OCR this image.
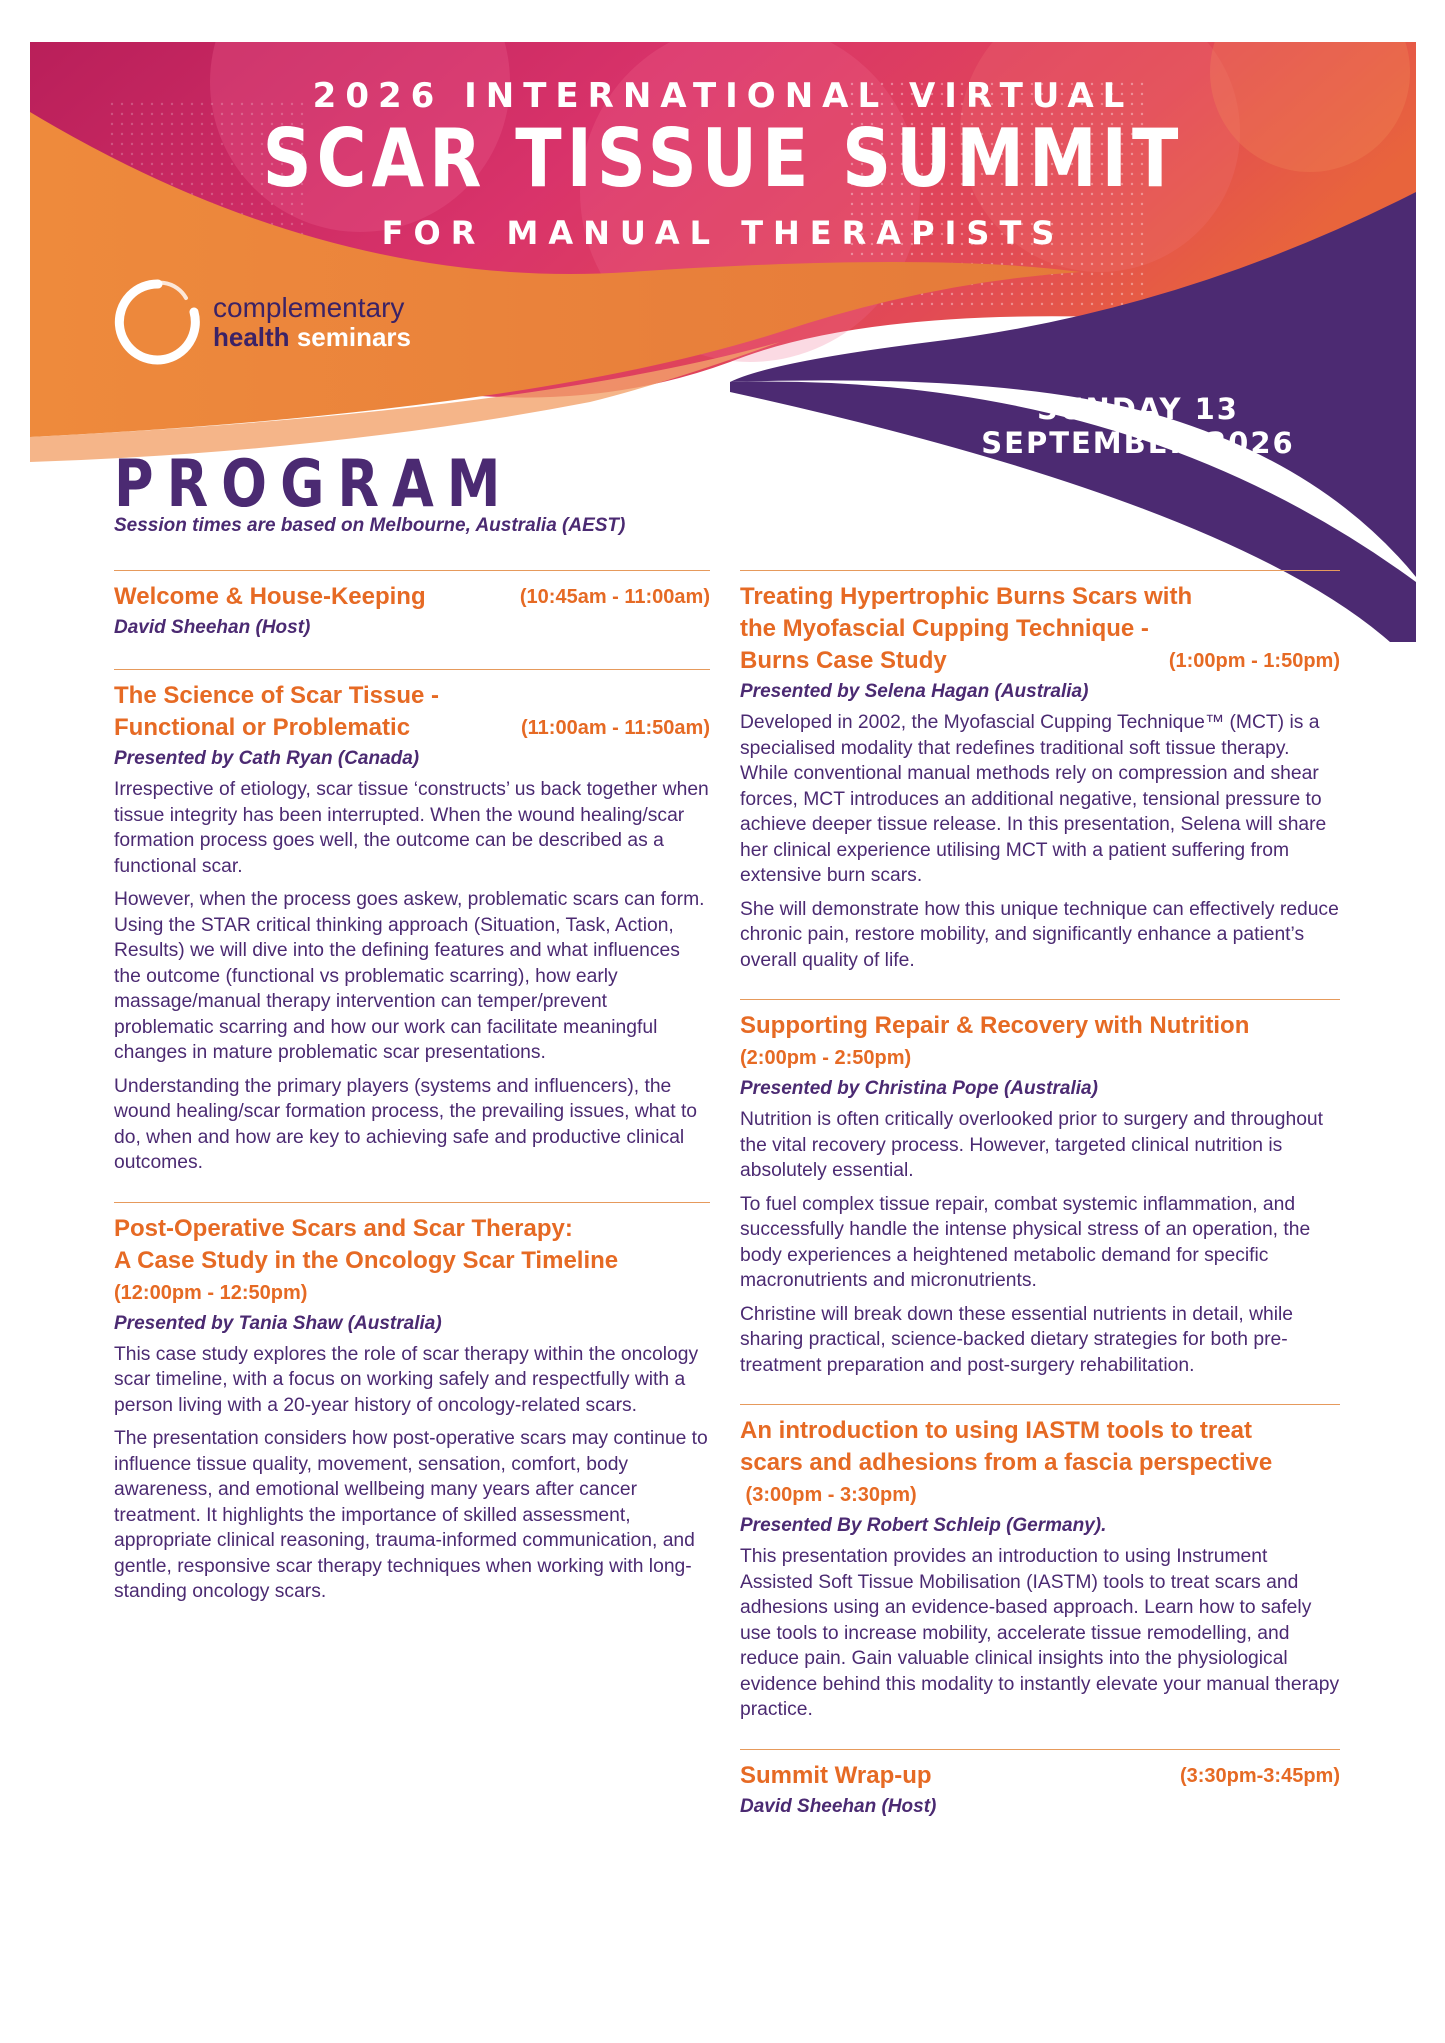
2026 INTERNATIONAL VIRTUAL
SCAR TISSUE SUMMIT
FOR MANUAL THERAPISTS
complementary
health seminars
SUNDAY 13
SEPTEMBER 2026
PROGRAM
Session times are based on Melbourne, Australia (AEST)
Welcome & House-Keeping	(10:45am - 11:00am)
David Sheehan (Host)
The Science of Scar Tissue -
Functional or Problematic	(11:00am - 11:50am)
Presented by Cath Ryan (Canada)

Irrespective of etiology, scar tissue ‘constructs’ us back together when tissue integrity has been interrupted. When the wound healing/scar formation process goes well, the outcome can be described as a functional scar.

However, when the process goes askew, problematic scars can form. Using the STAR critical thinking approach (Situation, Task, Action, Results) we will dive into the defining features and what influences the outcome (functional vs problematic scarring), how early massage/manual therapy intervention can temper/prevent problematic scarring and how our work can facilitate meaningful changes in mature problematic scar presentations.

Understanding the primary players (systems and influencers), the wound healing/scar formation process, the prevailing issues, what to do, when and how are key to achieving safe and productive clinical outcomes.

Post-Operative Scars and Scar Therapy:
A Case Study in the Oncology Scar Timeline
(12:00pm - 12:50pm)
Presented by Tania Shaw (Australia)

This case study explores the role of scar therapy within the oncology scar timeline, with a focus on working safely and respectfully with a person living with a 20-year history of oncology-related scars.

The presentation considers how post-operative scars may continue to influence tissue quality, movement, sensation, comfort, body awareness, and emotional wellbeing many years after cancer treatment. It highlights the importance of skilled assessment, appropriate clinical reasoning, trauma-informed communication, and gentle, responsive scar therapy techniques when working with long-standing oncology scars.

Treating Hypertrophic Burns Scars with
the Myofascial Cupping Technique -
Burns Case Study	(1:00pm - 1:50pm)
Presented by Selena Hagan (Australia)

Developed in 2002, the Myofascial Cupping Technique™ (MCT) is a specialised modality that redefines traditional soft tissue therapy. While conventional manual methods rely on compression and shear forces, MCT introduces an additional negative, tensional pressure to achieve deeper tissue release. In this presentation, Selena will share her clinical experience utilising MCT with a patient suffering from extensive burn scars.

She will demonstrate how this unique technique can effectively reduce chronic pain, restore mobility, and significantly enhance a patient’s overall quality of life.

Supporting Repair & Recovery with Nutrition
(2:00pm - 2:50pm)
Presented by Christina Pope (Australia)

Nutrition is often critically overlooked prior to surgery and throughout the vital recovery process. However, targeted clinical nutrition is absolutely essential.

To fuel complex tissue repair, combat systemic inflammation, and successfully handle the intense physical stress of an operation, the body experiences a heightened metabolic demand for specific macronutrients and micronutrients.

Christine will break down these essential nutrients in detail, while sharing practical, science-backed dietary strategies for both pre-treatment preparation and post-surgery rehabilitation.

An introduction to using IASTM tools to treat
scars and adhesions from a fascia perspective
(3:00pm - 3:30pm)
Presented By Robert Schleip (Germany).

This presentation provides an introduction to using Instrument Assisted Soft Tissue Mobilisation (IASTM) tools to treat scars and adhesions using an evidence-based approach. Learn how to safely use tools to increase mobility, accelerate tissue remodelling, and reduce pain. Gain valuable clinical insights into the physiological evidence behind this modality to instantly elevate your manual therapy practice.

Summit Wrap-up	(3:30pm-3:45pm)
David Sheehan (Host)
